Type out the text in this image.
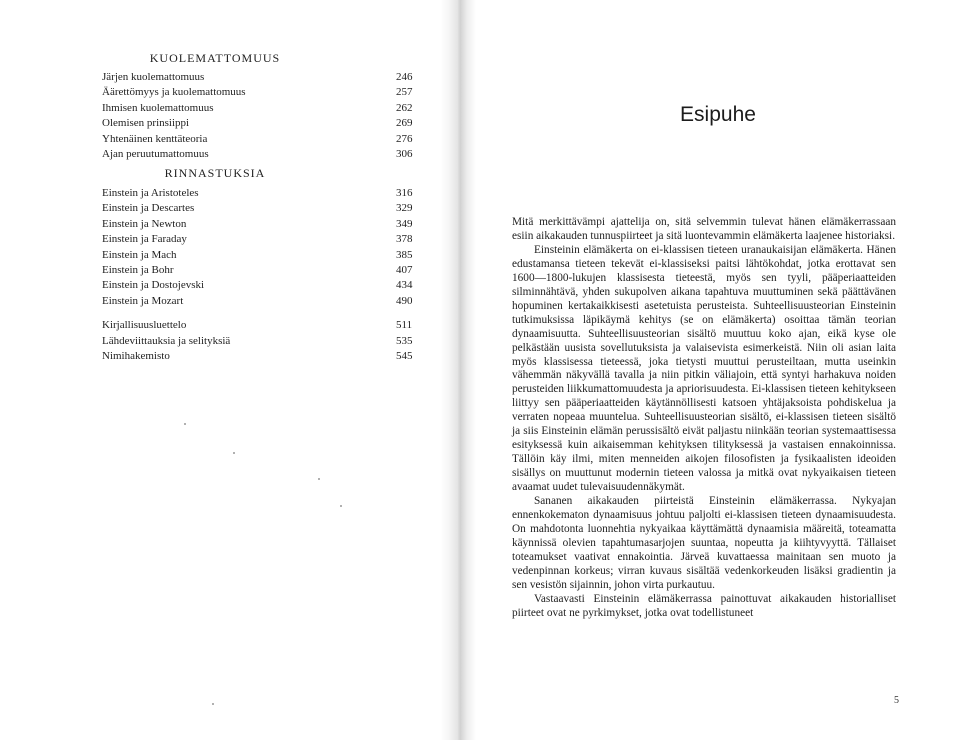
KUOLEMATTOMUUS
Järjen kuolemattomuus	246
Äärettömyys ja kuolemattomuus	257
Ihmisen kuolemattomuus	262
Olemisen prinsiippi	269
Yhtenäinen kenttäteoria	276
Ajan peruutumattomuus	306
RINNASTUKSIA
Einstein ja Aristoteles	316
Einstein ja Descartes	329
Einstein ja Newton	349
Einstein ja Faraday	378
Einstein ja Mach	385
Einstein ja Bohr	407
Einstein ja Dostojevski	434
Einstein ja Mozart	490
Kirjallisuusluettelo	511
Lähdeviittauksia ja selityksiä	535
Nimihakemisto	545
Esipuhe

Mitä merkittävämpi ajattelija on, sitä selvemmin tulevat hänen elämäkerrassaan esiin aikakauden tunnuspiirteet ja sitä luontevammin elämäkerta laajenee historiaksi.

Einsteinin elämäkerta on ei-klassisen tieteen uranaukaisijan elämäkerta. Hänen edustamansa tieteen tekevät ei-klassiseksi paitsi lähtökohdat, jotka erottavat sen 1600—1800-lukujen klassisesta tieteestä, myös sen tyyli, pääperiaatteiden silminnähtävä, yhden sukupolven aikana tapahtuva muuttuminen sekä päättävänen hopuminen kertakaikkisesti asetetuista perusteista. Suhteellisuusteorian Einsteinin tutkimuksissa läpikäymä kehitys (se on elämäkerta) osoittaa tämän teorian dynaamisuutta. Suhteellisuusteorian sisältö muuttuu koko ajan, eikä kyse ole pelkästään uusista sovellutuksista ja valaisevista esimerkeistä. Niin oli asian laita myös klassisessa tieteessä, joka tietysti muuttui perusteiltaan, mutta useinkin vähemmän näkyvällä tavalla ja niin pitkin väliajoin, että syntyi harhakuva noiden perusteiden liikkumattomuudesta ja apriorisuudesta. Ei-klassisen tieteen kehitykseen liittyy sen pääperiaatteiden käytännöllisesti katsoen yhtäjaksoista pohdiskelua ja verraten nopeaa muuntelua. Suhteellisuusteorian sisältö, ei-klassisen tieteen sisältö ja siis Einsteinin elämän perussisältö eivät paljastu niinkään teorian systemaattisessa esityksessä kuin aikaisemman kehityksen tilityksessä ja vastaisen ennakoinnissa. Tällöin käy ilmi, miten menneiden aikojen filosofisten ja fysikaalisten ideoiden sisällys on muuttunut modernin tieteen valossa ja mitkä ovat nykyaikaisen tieteen avaamat uudet tulevaisuudennäkymät.

Sananen aikakauden piirteistä Einsteinin elämäkerrassa. Nykyajan ennenkokematon dynaamisuus johtuu paljolti ei-klassisen tieteen dynaamisuudesta. On mahdotonta luonnehtia nykyaikaa käyttämättä dynaamisia määreitä, toteamatta käynnissä olevien tapahtumasarjojen suuntaa, nopeutta ja kiihtyvyyttä. Tällaiset toteamukset vaativat ennakointia. Järveä kuvattaessa mainitaan sen muoto ja vedenpinnan korkeus; virran kuvaus sisältää vedenkorkeuden lisäksi gradientin ja sen vesistön sijainnin, johon virta purkautuu.

Vastaavasti Einsteinin elämäkerrassa painottuvat aikakauden historialliset piirteet ovat ne pyrkimykset, jotka ovat todellistuneet

5
